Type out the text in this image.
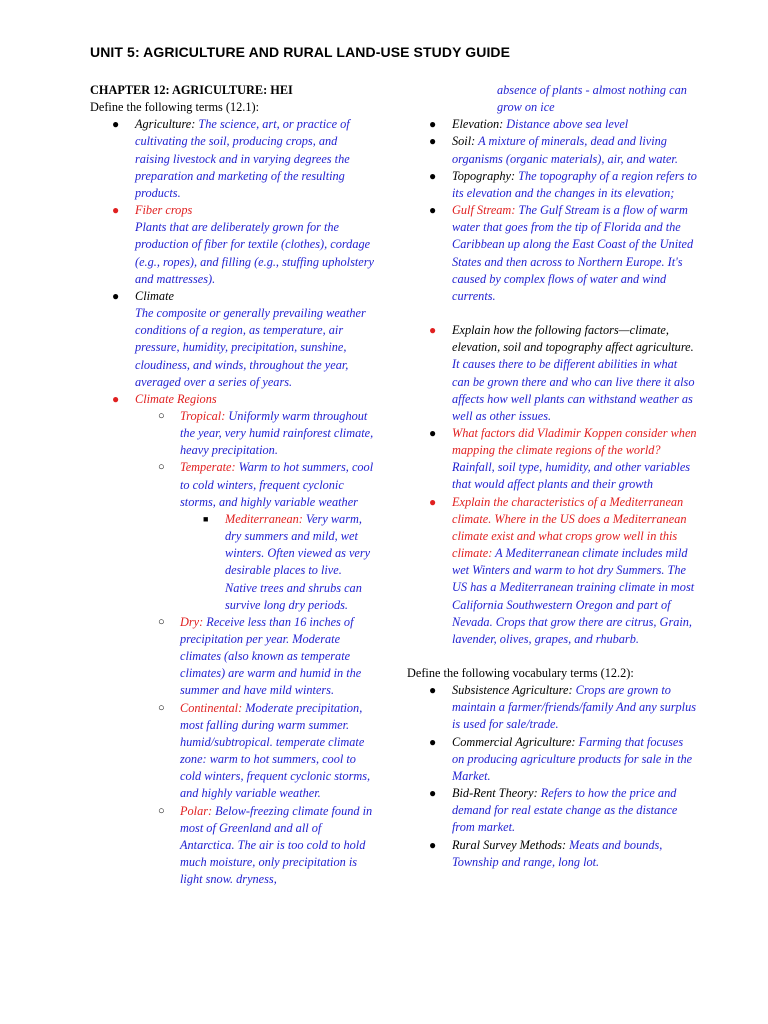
UNIT 5: AGRICULTURE AND RURAL LAND-USE STUDY GUIDE
CHAPTER 12: AGRICULTURE: HEI
Define the following terms (12.1):
● Agriculture: The science, art, or practice of cultivating the soil, producing crops, and raising livestock and in varying degrees the preparation and marketing of the resulting products.
● Fiber crops
Plants that are deliberately grown for the production of fiber for textile (clothes), cordage (e.g., ropes), and filling (e.g., stuffing upholstery and mattresses).
● Climate
The composite or generally prevailing weather conditions of a region, as temperature, air pressure, humidity, precipitation, sunshine, cloudiness, and winds, throughout the year, averaged over a series of years.
● Climate Regions
○ Tropical: Uniformly warm throughout the year, very humid rainforest climate, heavy precipitation.
○ Temperate: Warm to hot summers, cool to cold winters, frequent cyclonic storms, and highly variable weather
■ Mediterranean: Very warm, dry summers and mild, wet winters. Often viewed as very desirable places to live. Native trees and shrubs can survive long dry periods.
○ Dry: Receive less than 16 inches of precipitation per year. Moderate climates (also known as temperate climates) are warm and humid in the summer and have mild winters.
○ Continental: Moderate precipitation, most falling during warm summer. humid/subtropical. temperate climate zone: warm to hot summers, cool to cold winters, frequent cyclonic storms, and highly variable weather.
○ Polar: Below-freezing climate found in most of Greenland and all of Antarctica. The air is too cold to hold much moisture, only precipitation is light snow. dryness,
absence of plants - almost nothing can grow on ice
● Elevation: Distance above sea level
● Soil: A mixture of minerals, dead and living organisms (organic materials), air, and water.
● Topography: The topography of a region refers to its elevation and the changes in its elevation;
● Gulf Stream: The Gulf Stream is a flow of warm water that goes from the tip of Florida and the Caribbean up along the East Coast of the United States and then across to Northern Europe. It's caused by complex flows of water and wind currents.
● Explain how the following factors—climate, elevation, soil and topography affect agriculture. It causes there to be different abilities in what can be grown there and who can live there it also affects how well plants can withstand weather as well as other issues.
● What factors did Vladimir Koppen consider when mapping the climate regions of the world? Rainfall, soil type, humidity, and other variables that would affect plants and their growth
● Explain the characteristics of a Mediterranean climate. Where in the US does a Mediterranean climate exist and what crops grow well in this climate: A Mediterranean climate includes mild wet Winters and warm to hot dry Summers. The US has a Mediterranean training climate in most California Southwestern Oregon and part of Nevada. Crops that grow there are citrus, Grain, lavender, olives, grapes, and rhubarb.
Define the following vocabulary terms (12.2):
● Subsistence Agriculture: Crops are grown to maintain a farmer/friends/family And any surplus is used for sale/trade.
● Commercial Agriculture: Farming that focuses on producing agriculture products for sale in the Market.
● Bid-Rent Theory: Refers to how the price and demand for real estate change as the distance from market.
● Rural Survey Methods: Meats and bounds, Township and range, long lot.
